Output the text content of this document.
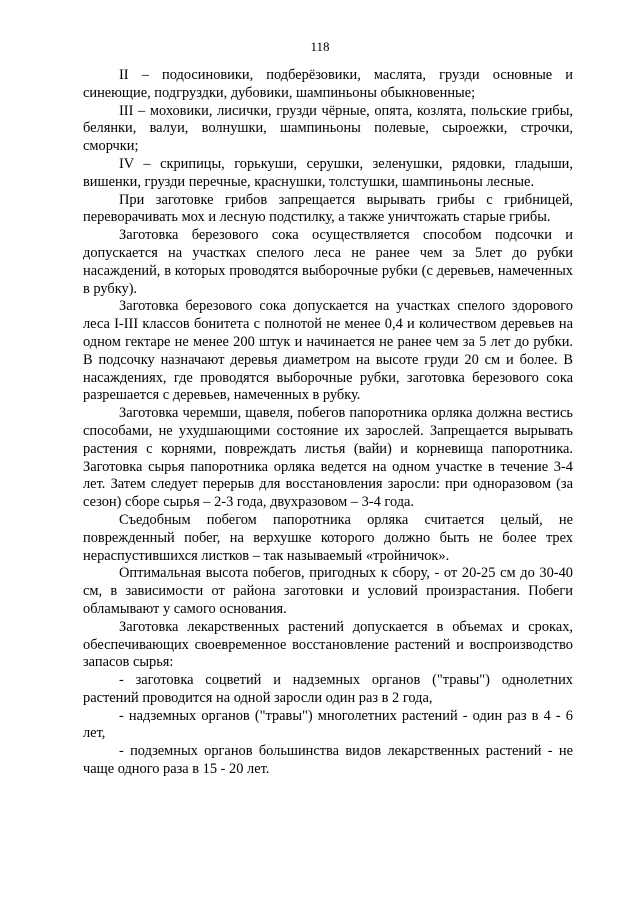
118

II – подосиновики, подберёзовики, маслята, грузди основные и синеющие, подгруздки, дубовики, шампиньоны обыкновенные;

III – моховики, лисички, грузди чёрные, опята, козлята, польские грибы, белянки, валуи, волнушки, шампиньоны полевые, сыроежки, строчки, сморчки;

IV – скрипицы, горькуши, серушки, зеленушки, рядовки, гладыши, вишенки, грузди перечные, краснушки, толстушки, шампиньоны лесные.

При заготовке грибов запрещается вырывать грибы с грибницей, переворачивать мох и лесную подстилку, а также уничтожать старые грибы.

Заготовка березового сока осуществляется способом подсочки и допускается на участках спелого леса не ранее чем за 5лет до рубки насаждений, в которых проводятся выборочные рубки (с деревьев, намеченных в рубку).

Заготовка березового сока допускается на участках спелого здорового леса I-III классов бонитета с полнотой не менее 0,4 и количеством деревьев на одном гектаре не менее 200 штук и начинается не ранее чем за 5 лет до рубки. В подсочку назначают деревья диаметром на высоте груди 20 см и более. В насаждениях, где проводятся выборочные рубки, заготовка березового сока разрешается с деревьев, намеченных в рубку.

Заготовка черемши, щавеля, побегов папоротника орляка должна вестись способами, не ухудшающими состояние их зарослей. Запрещается вырывать растения с корнями, повреждать листья (вайи) и корневища папоротника. Заготовка сырья папоротника орляка ведется на одном участке в течение 3-4 лет. Затем следует перерыв для восстановления заросли: при одноразовом (за сезон) сборе сырья – 2-3 года, двухразовом – 3-4 года.

Съедобным побегом папоротника орляка считается целый, не поврежденный побег, на верхушке которого должно быть не более трех нераспустившихся листков – так называемый «тройничок».

Оптимальная высота побегов, пригодных к сбору, - от 20-25 см до 30-40 см, в зависимости от района заготовки и условий произрастания. Побеги обламывают у самого основания.

Заготовка лекарственных растений допускается в объемах и сроках, обеспечивающих своевременное восстановление растений и воспроизводство запасов сырья:

- заготовка соцветий и надземных органов ("травы") однолетних растений проводится на одной заросли один раз в 2 года,

- надземных органов ("травы") многолетних растений - один раз в 4 - 6 лет,

- подземных органов большинства видов лекарственных растений - не чаще одного раза в 15 - 20 лет.
